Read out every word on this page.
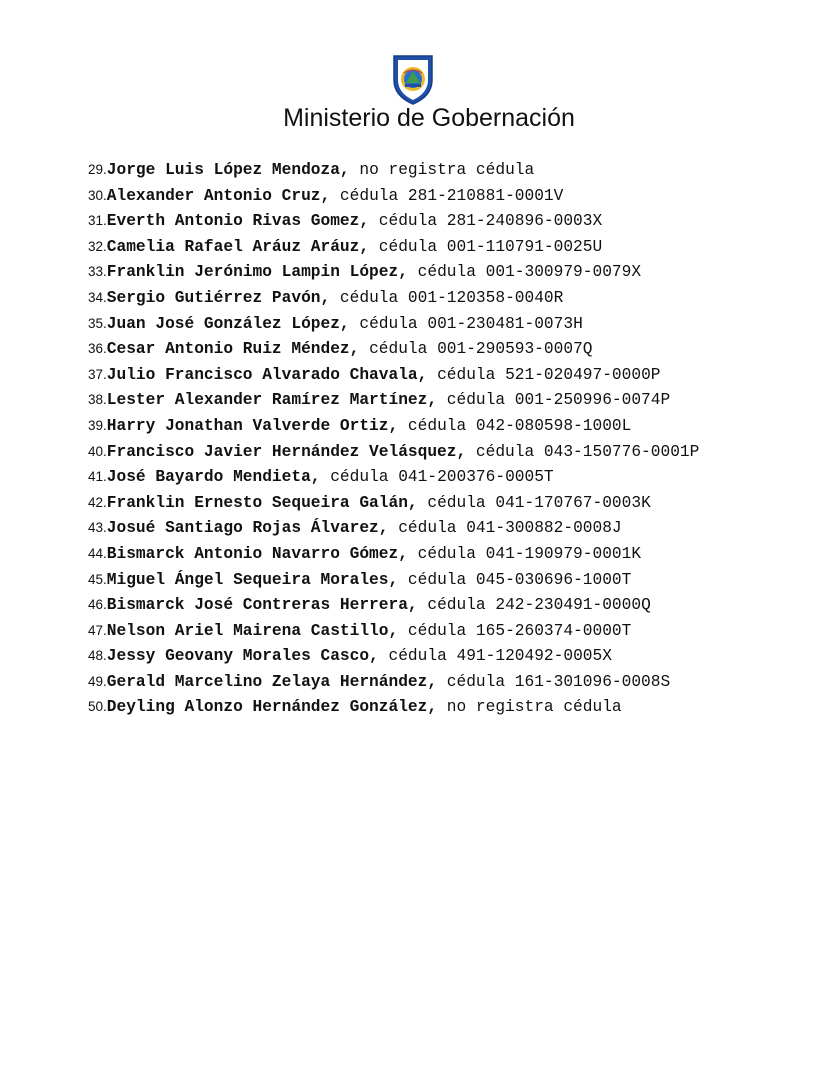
Ministerio de Gobernación
29.Jorge Luis López Mendoza, no registra cédula
30.Alexander Antonio Cruz, cédula 281-210881-0001V
31.Everth Antonio Rivas Gomez, cédula 281-240896-0003X
32.Camelia Rafael Aráuz Aráuz, cédula 001-110791-0025U
33.Franklin Jerónimo Lampin López, cédula 001-300979-0079X
34.Sergio Gutiérrez Pavón, cédula 001-120358-0040R
35.Juan José González López, cédula 001-230481-0073H
36.Cesar Antonio Ruiz Méndez, cédula 001-290593-0007Q
37.Julio Francisco Alvarado Chavala, cédula 521-020497-0000P
38.Lester Alexander Ramírez Martínez, cédula 001-250996-0074P
39.Harry Jonathan Valverde Ortiz, cédula 042-080598-1000L
40.Francisco Javier Hernández Velásquez, cédula 043-150776-0001P
41.José Bayardo Mendieta, cédula 041-200376-0005T
42.Franklin Ernesto Sequeira Galán, cédula 041-170767-0003K
43.Josué Santiago Rojas Álvarez, cédula 041-300882-0008J
44.Bismarck Antonio Navarro Gómez, cédula 041-190979-0001K
45.Miguel Ángel Sequeira Morales, cédula 045-030696-1000T
46.Bismarck José Contreras Herrera, cédula 242-230491-0000Q
47.Nelson Ariel Mairena Castillo, cédula 165-260374-0000T
48.Jessy Geovany Morales Casco, cédula 491-120492-0005X
49.Gerald Marcelino Zelaya Hernández, cédula 161-301096-0008S
50.Deyling Alonzo Hernández González, no registra cédula
